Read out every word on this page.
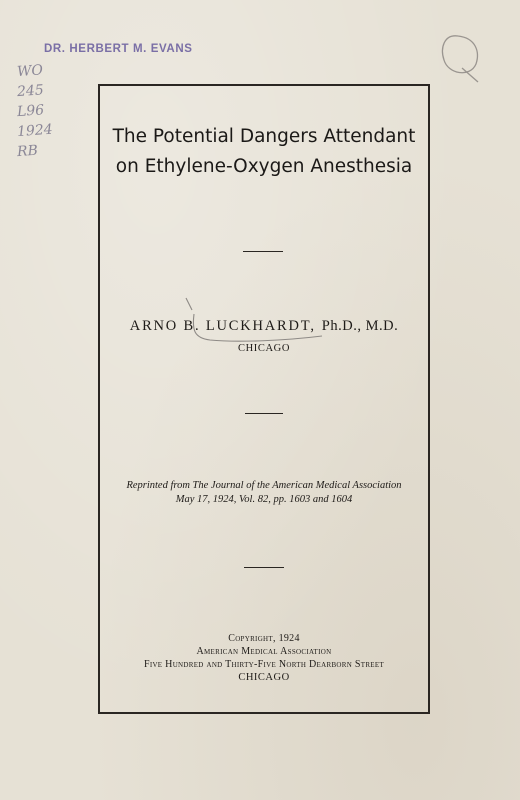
DR. HERBERT M. EVANS
WO
245
L96
1924
RB
The Potential Dangers Attendant
on Ethylene-Oxygen Anesthesia
ARNO B. LUCKHARDT, Ph.D., M.D.
CHICAGO
Reprinted from The Journal of the American Medical Association
May 17, 1924, Vol. 82, pp. 1603 and 1604
Copyright, 1924
American Medical Association
Five Hundred and Thirty-Five North Dearborn Street
CHICAGO
